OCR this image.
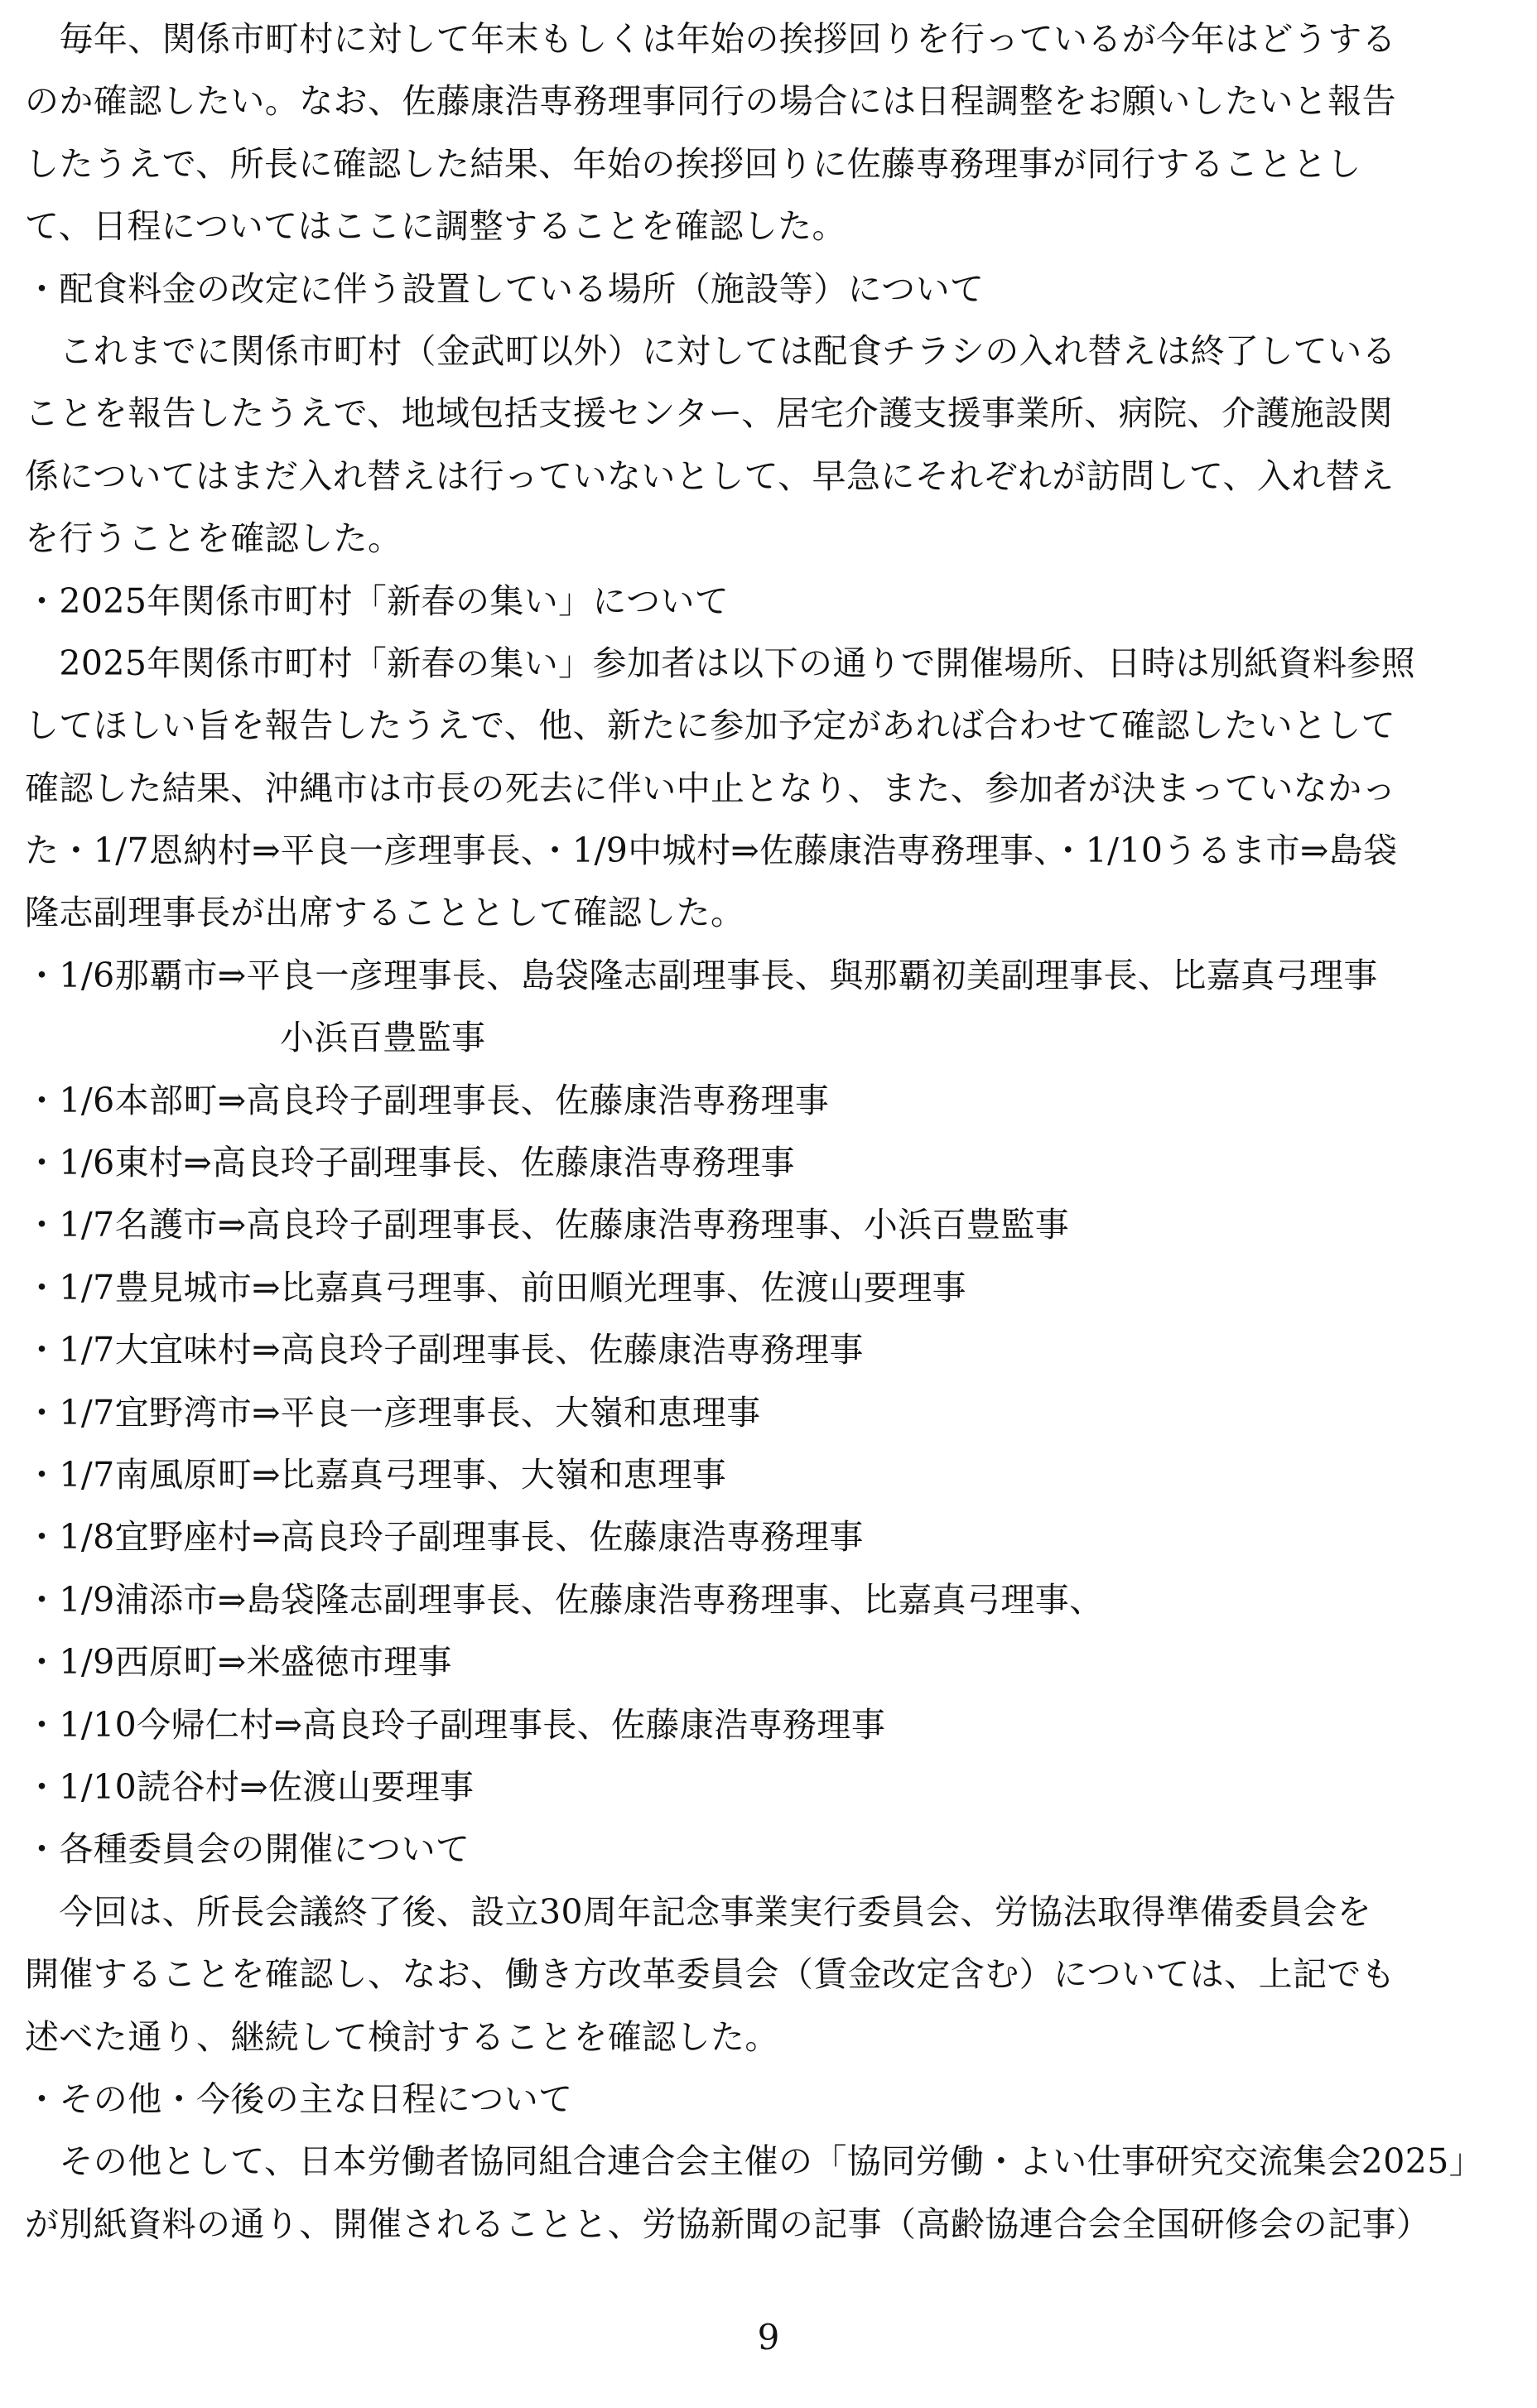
　毎年、関係市町村に対して年末もしくは年始の挨拶回りを行っているが今年はどうする
のか確認したい。なお、佐藤康浩専務理事同行の場合には日程調整をお願いしたいと報告
したうえで、所長に確認した結果、年始の挨拶回りに佐藤専務理事が同行することとし
て、日程についてはここに調整することを確認した。
・配食料金の改定に伴う設置している場所（施設等）について
　これまでに関係市町村（金武町以外）に対しては配食チラシの入れ替えは終了している
ことを報告したうえで、地域包括支援センター、居宅介護支援事業所、病院、介護施設関
係についてはまだ入れ替えは行っていないとして、早急にそれぞれが訪問して、入れ替え
を行うことを確認した。
・2025年関係市町村「新春の集い」について
　2025年関係市町村「新春の集い」参加者は以下の通りで開催場所、日時は別紙資料参照
してほしい旨を報告したうえで、他、新たに参加予定があれば合わせて確認したいとして
確認した結果、沖縄市は市長の死去に伴い中止となり、また、参加者が決まっていなかっ
た・1/7恩納村⇒平良一彦理事長、・1/9中城村⇒佐藤康浩専務理事、・1/10うるま市⇒島袋
隆志副理事長が出席することとして確認した。
・1/6那覇市⇒平良一彦理事長、島袋隆志副理事長、與那覇初美副理事長、比嘉真弓理事
小浜百豊監事
・1/6本部町⇒高良玲子副理事長、佐藤康浩専務理事
・1/6東村⇒高良玲子副理事長、佐藤康浩専務理事
・1/7名護市⇒高良玲子副理事長、佐藤康浩専務理事、小浜百豊監事
・1/7豊見城市⇒比嘉真弓理事、前田順光理事、佐渡山要理事
・1/7大宜味村⇒高良玲子副理事長、佐藤康浩専務理事
・1/7宜野湾市⇒平良一彦理事長、大嶺和恵理事
・1/7南風原町⇒比嘉真弓理事、大嶺和恵理事
・1/8宜野座村⇒高良玲子副理事長、佐藤康浩専務理事
・1/9浦添市⇒島袋隆志副理事長、佐藤康浩専務理事、比嘉真弓理事、
・1/9西原町⇒米盛徳市理事
・1/10今帰仁村⇒高良玲子副理事長、佐藤康浩専務理事
・1/10読谷村⇒佐渡山要理事
・各種委員会の開催について
　今回は、所長会議終了後、設立30周年記念事業実行委員会、労協法取得準備委員会を
開催することを確認し、なお、働き方改革委員会（賃金改定含む）については、上記でも
述べた通り、継続して検討することを確認した。
・その他・今後の主な日程について
　その他として、日本労働者協同組合連合会主催の「協同労働・よい仕事研究交流集会2025」
が別紙資料の通り、開催されることと、労協新聞の記事（高齢協連合会全国研修会の記事）
9
